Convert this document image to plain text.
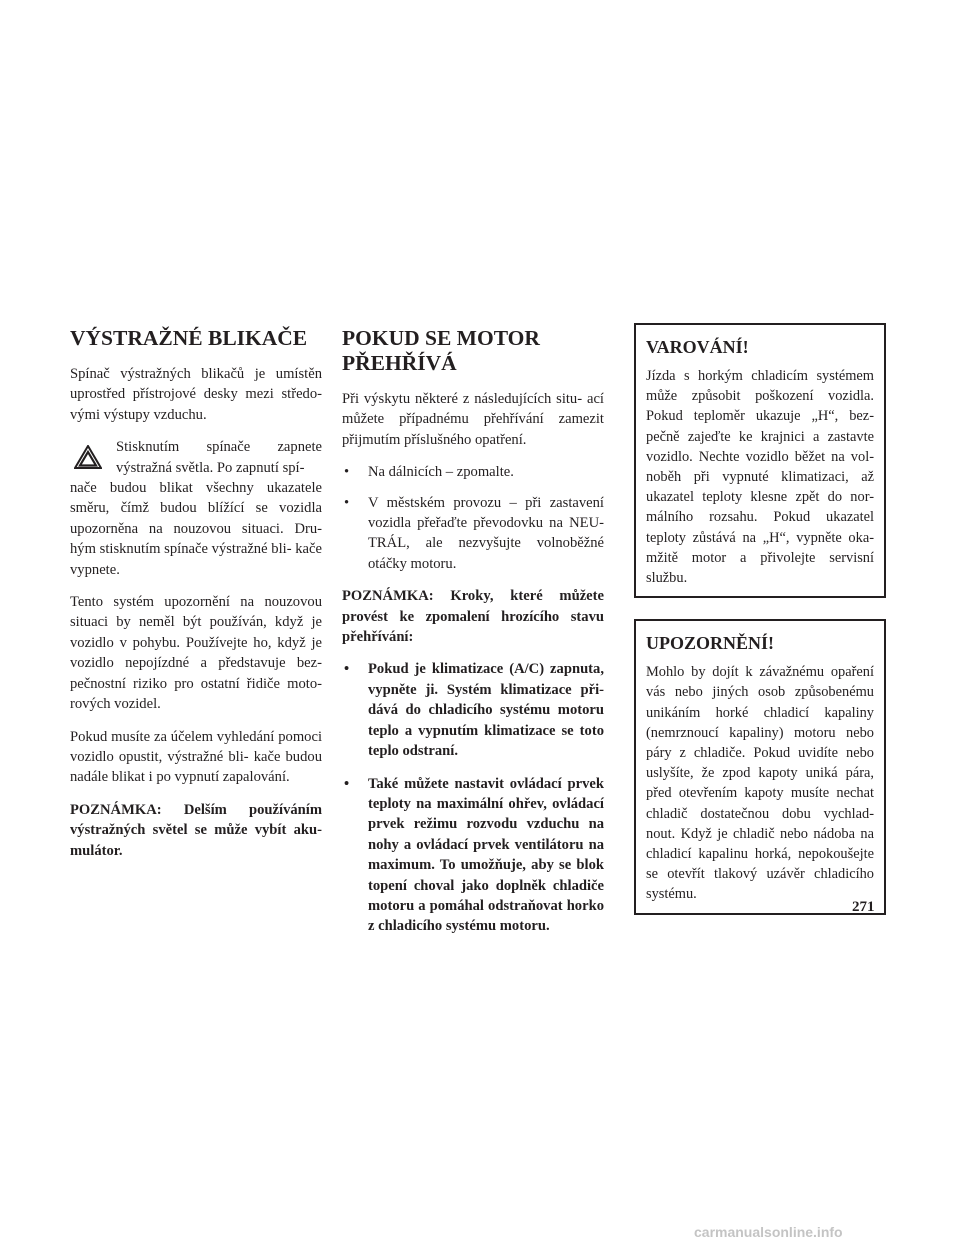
VÝSTRAŽNÉ BLIKAČE

Spínač výstražných blikačů je umístěn uprostřed přístrojové desky mezi středo- vými výstupy vzduchu.

Stisknutím spínače zapnete výstražná světla. Po zapnutí spí-
nače budou blikat všechny ukazatele směru, čímž budou blížící se vozidla upozorněna na nouzovou situaci. Dru- hým stisknutím spínače výstražné bli- kače vypnete.

Tento systém upozornění na nouzovou situaci by neměl být používán, když je vozidlo v pohybu. Používejte ho, když je vozidlo nepojízdné a představuje bez- pečnostní riziko pro ostatní řidiče moto- rových vozidel.

Pokud musíte za účelem vyhledání pomoci vozidlo opustit, výstražné bli- kače budou nadále blikat i po vypnutí zapalování.

POZNÁMKA: Delším používáním výstražných světel se může vybít aku- mulátor.

POKUD SE MOTOR PŘEHŘÍVÁ

Při výskytu některé z následujících situ- ací můžete případnému přehřívání zamezit přijmutím příslušného opatření.

• Na dálnicích – zpomalte.
• V městském provozu – při zastavení vozidla přeřaďte převodovku na NEU- TRÁL, ale nezvyšujte volnoběžné otáčky motoru.

POZNÁMKA: Kroky, které můžete provést ke zpomalení hrozícího stavu přehřívání:

• Pokud je klimatizace (A/C) zapnuta, vypněte ji. Systém klimatizace při- dává do chladicího systému motoru teplo a vypnutím klimatizace se toto teplo odstraní.
• Také můžete nastavit ovládací prvek teploty na maximální ohřev, ovládací prvek režimu rozvodu vzduchu na nohy a ovládací prvek ventilátoru na maximum. To umožňuje, aby se blok topení choval jako doplněk chladiče motoru a pomáhal odstraňovat horko z chladicího systému motoru.
VAROVÁNÍ!

Jízda s horkým chladicím systémem může způsobit poškození vozidla. Pokud teploměr ukazuje „H“, bez- pečně zajeďte ke krajnici a zastavte vozidlo. Nechte vozidlo běžet na vol- noběh při vypnuté klimatizaci, až ukazatel teploty klesne zpět do nor- málního rozsahu. Pokud ukazatel teploty zůstává na „H“, vypněte oka- mžitě motor a přivolejte servisní službu.

UPOZORNĚNÍ!

Mohlo by dojít k závažnému opaření vás nebo jiných osob způsobenému unikáním horké chladicí kapaliny (nemrznoucí kapaliny) motoru nebo páry z chladiče. Pokud uvidíte nebo uslyšíte, že zpod kapoty uniká pára, před otevřením kapoty musíte nechat chladič dostatečnou dobu vychlad- nout. Když je chladič nebo nádoba na chladicí kapalinu horká, nepokoušejte se otevřít tlakový uzávěr chladicího systému.

271
carmanualsonline.info
